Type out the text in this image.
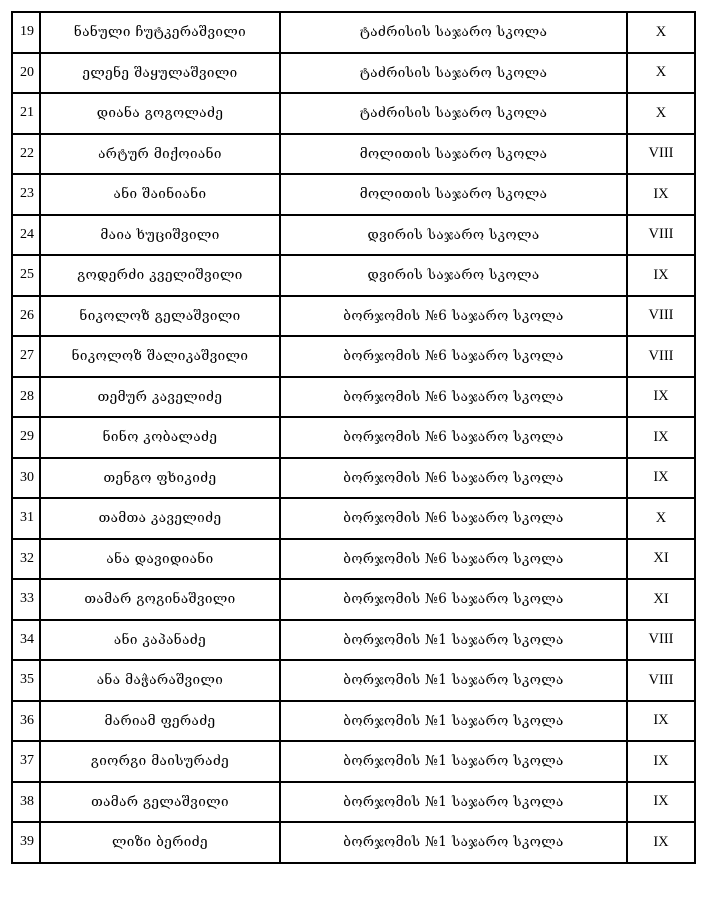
19	ნანული ჩუტკერაშვილი	ტაძრისის საჯარო სკოლა	X
20	ელენე შაყულაშვილი	ტაძრისის საჯარო სკოლა	X
21	დიანა გოგოლაძე	ტაძრისის საჯარო სკოლა	X
22	არტურ მიქოიანი	მოლითის საჯარო სკოლა	VIII
23	ანი შაინიანი	მოლითის საჯარო სკოლა	IX
24	მაია ხუციშვილი	დვირის საჯარო სკოლა	VIII
25	გოდერძი კველიშვილი	დვირის საჯარო სკოლა	IX
26	ნიკოლოზ გელაშვილი	ბორჯომის №6 საჯარო სკოლა	VIII
27	ნიკოლოზ შალიკაშვილი	ბორჯომის №6 საჯარო სკოლა	VIII
28	თემურ კაველიძე	ბორჯომის №6 საჯარო სკოლა	IX
29	ნინო კობალაძე	ბორჯომის №6 საჯარო სკოლა	IX
30	თენგო ფხიკიძე	ბორჯომის №6 საჯარო სკოლა	IX
31	თამთა კაველიძე	ბორჯომის №6 საჯარო სკოლა	X
32	ანა დავიდიანი	ბორჯომის №6 საჯარო სკოლა	XI
33	თამარ გოგინაშვილი	ბორჯომის №6 საჯარო სკოლა	XI
34	ანი კაპანაძე	ბორჯომის №1 საჯარო სკოლა	VIII
35	ანა მაჭარაშვილი	ბორჯომის №1 საჯარო სკოლა	VIII
36	მარიამ ფერაძე	ბორჯომის №1 საჯარო სკოლა	IX
37	გიორგი მაისურაძე	ბორჯომის №1 საჯარო სკოლა	IX
38	თამარ გელაშვილი	ბორჯომის №1 საჯარო სკოლა	IX
39	ლიზი ბერიძე	ბორჯომის №1 საჯარო სკოლა	IX
